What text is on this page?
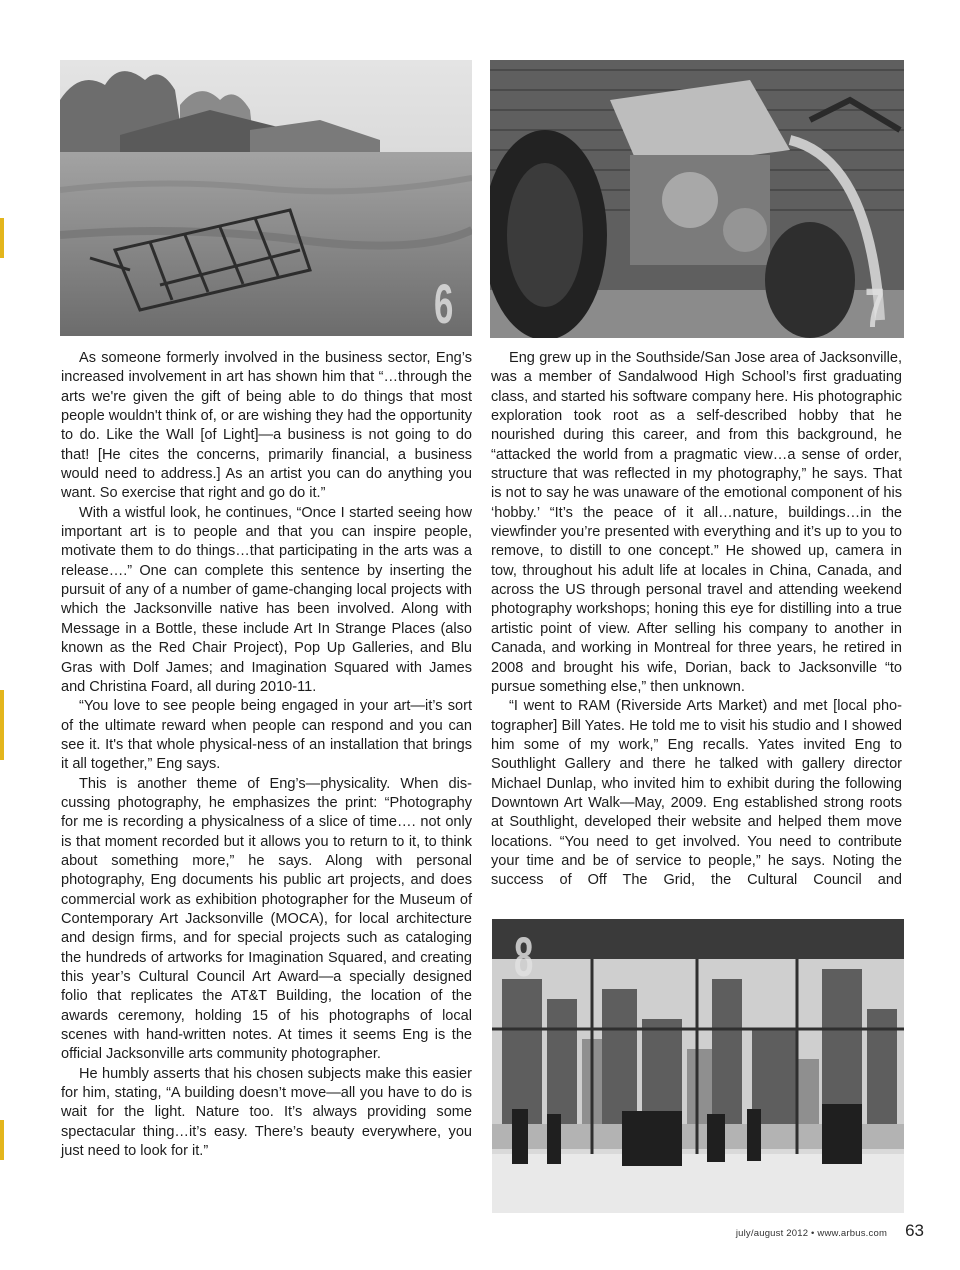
6	7
8

As someone formerly involved in the business sector, Eng’s increased involvement in art has shown him that “…through the arts we're given the gift of being able to do things that most people wouldn't think of, or are wishing they had the opportunity to do. Like the Wall [of Light]—a business is not going to do that! [He cites the concerns, primarily financial, a business would need to address.] As an artist you can do anything you want. So exercise that right and go do it.”

With a wistful look, he continues, “Once I started seeing how important art is to people and that you can inspire people, motivate them to do things…that participating in the arts was a release….” One can complete this sentence by inserting the pursuit of any of a number of game-changing local projects with which the Jacksonville native has been involved. Along with Message in a Bottle, these include Art In Strange Places (also known as the Red Chair Project), Pop Up Galleries, and Blu Gras with Dolf James; and Imagination Squared with James and Christina Foard, all during 2010-11.

“You love to see people being engaged in your art—it’s sort of the ultimate reward when people can respond and you can see it. It's that whole physical-ness of an installation that brings it all together,” Eng says.

This is another theme of Eng’s—physicality. When discussing photography, he emphasizes the print: “Photography for me is recording a physicalness of a slice of time…. not only is that moment recorded but it allows you to return to it, to think about something more,” he says. Along with personal photography, Eng documents his public art projects, and does commercial work as exhibition photographer for the Museum of Contemporary Art Jacksonville (MOCA), for local architecture and design firms, and for special projects such as cataloging the hundreds of artworks for Imagination Squared, and creating this year’s Cultural Council Art Award—a specially designed folio that replicates the AT&T Building, the location of the awards ceremony, holding 15 of his photographs of local scenes with hand-written notes. At times it seems Eng is the official Jacksonville arts community photographer.

He humbly asserts that his chosen subjects make this easier for him, stating, “A building doesn’t move—all you have to do is wait for the light. Nature too. It’s always providing some spectacular thing…it’s easy. There’s beauty everywhere, you just need to look for it.”

Eng grew up in the Southside/San Jose area of Jacksonville, was a member of Sandalwood High School’s first graduating class, and started his software company here. His photographic exploration took root as a self-described hobby that he nourished during this career, and from this background, he “attacked the world from a pragmatic view…a sense of order, structure that was reflected in my photography,” he says. That is not to say he was unaware of the emotional component of his ‘hobby.’ “It’s the peace of it all…nature, buildings…in the viewfinder you’re presented with everything and it’s up to you to remove, to distill to one concept.” He showed up, camera in tow, throughout his adult life at locales in China, Canada, and across the US through personal travel and attending weekend photography workshops; honing this eye for distilling into a true artistic point of view. After selling his company to another in Canada, and working in Montreal for three years, he retired in 2008 and brought his wife, Dorian, back to Jacksonville “to pursue something else,” then unknown.

“I went to RAM (Riverside Arts Market) and met [local photographer] Bill Yates. He told me to visit his studio and I showed him some of my work,” Eng recalls. Yates invited Eng to Southlight Gallery and there he talked with gallery director Michael Dunlap, who invited him to exhibit during the following Downtown Art Walk—May, 2009. Eng established strong roots at Southlight, developed their website and helped them move locations. “You need to get involved. You need to contribute your time and be of service to people,” he says. Noting the success of Off The Grid, the Cultural Council and

july/august 2012 • www.arbus.com 63
